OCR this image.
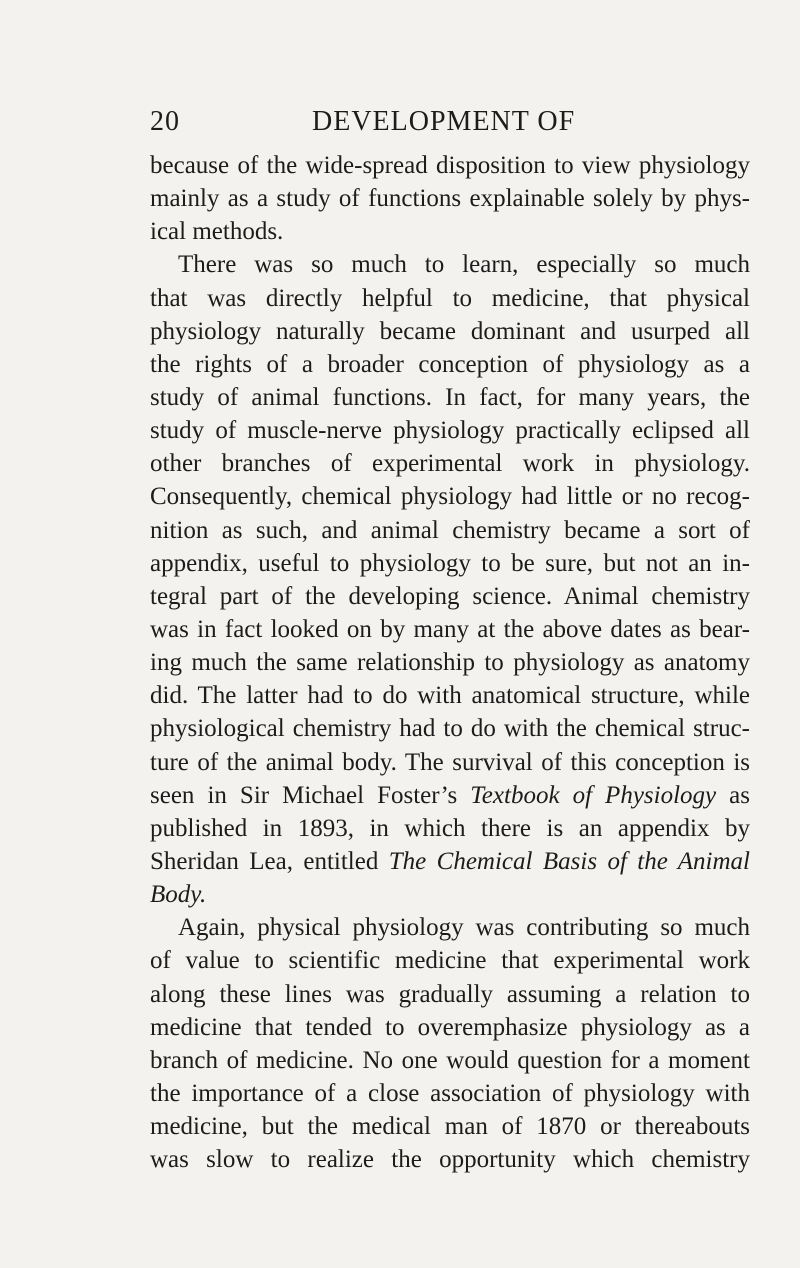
20	DEVELOPMENT OF
because of the wide-spread disposition to view physiology
mainly as a study of functions explainable solely by phys-
ical methods.
There was so much to learn, especially so much
that was directly helpful to medicine, that physical
physiology naturally became dominant and usurped all
the rights of a broader conception of physiology as a
study of animal functions. In fact, for many years, the
study of muscle-nerve physiology practically eclipsed all
other branches of experimental work in physiology.
Consequently, chemical physiology had little or no recog-
nition as such, and animal chemistry became a sort of
appendix, useful to physiology to be sure, but not an in-
tegral part of the developing science. Animal chemistry
was in fact looked on by many at the above dates as bear-
ing much the same relationship to physiology as anatomy
did. The latter had to do with anatomical structure, while
physiological chemistry had to do with the chemical struc-
ture of the animal body. The survival of this conception is
seen in Sir Michael Foster’s Textbook of Physiology as
published in 1893, in which there is an appendix by
Sheridan Lea, entitled The Chemical Basis of the Animal
Body.
Again, physical physiology was contributing so much
of value to scientific medicine that experimental work
along these lines was gradually assuming a relation to
medicine that tended to overemphasize physiology as a
branch of medicine. No one would question for a moment
the importance of a close association of physiology with
medicine, but the medical man of 1870 or thereabouts
was slow to realize the opportunity which chemistry
